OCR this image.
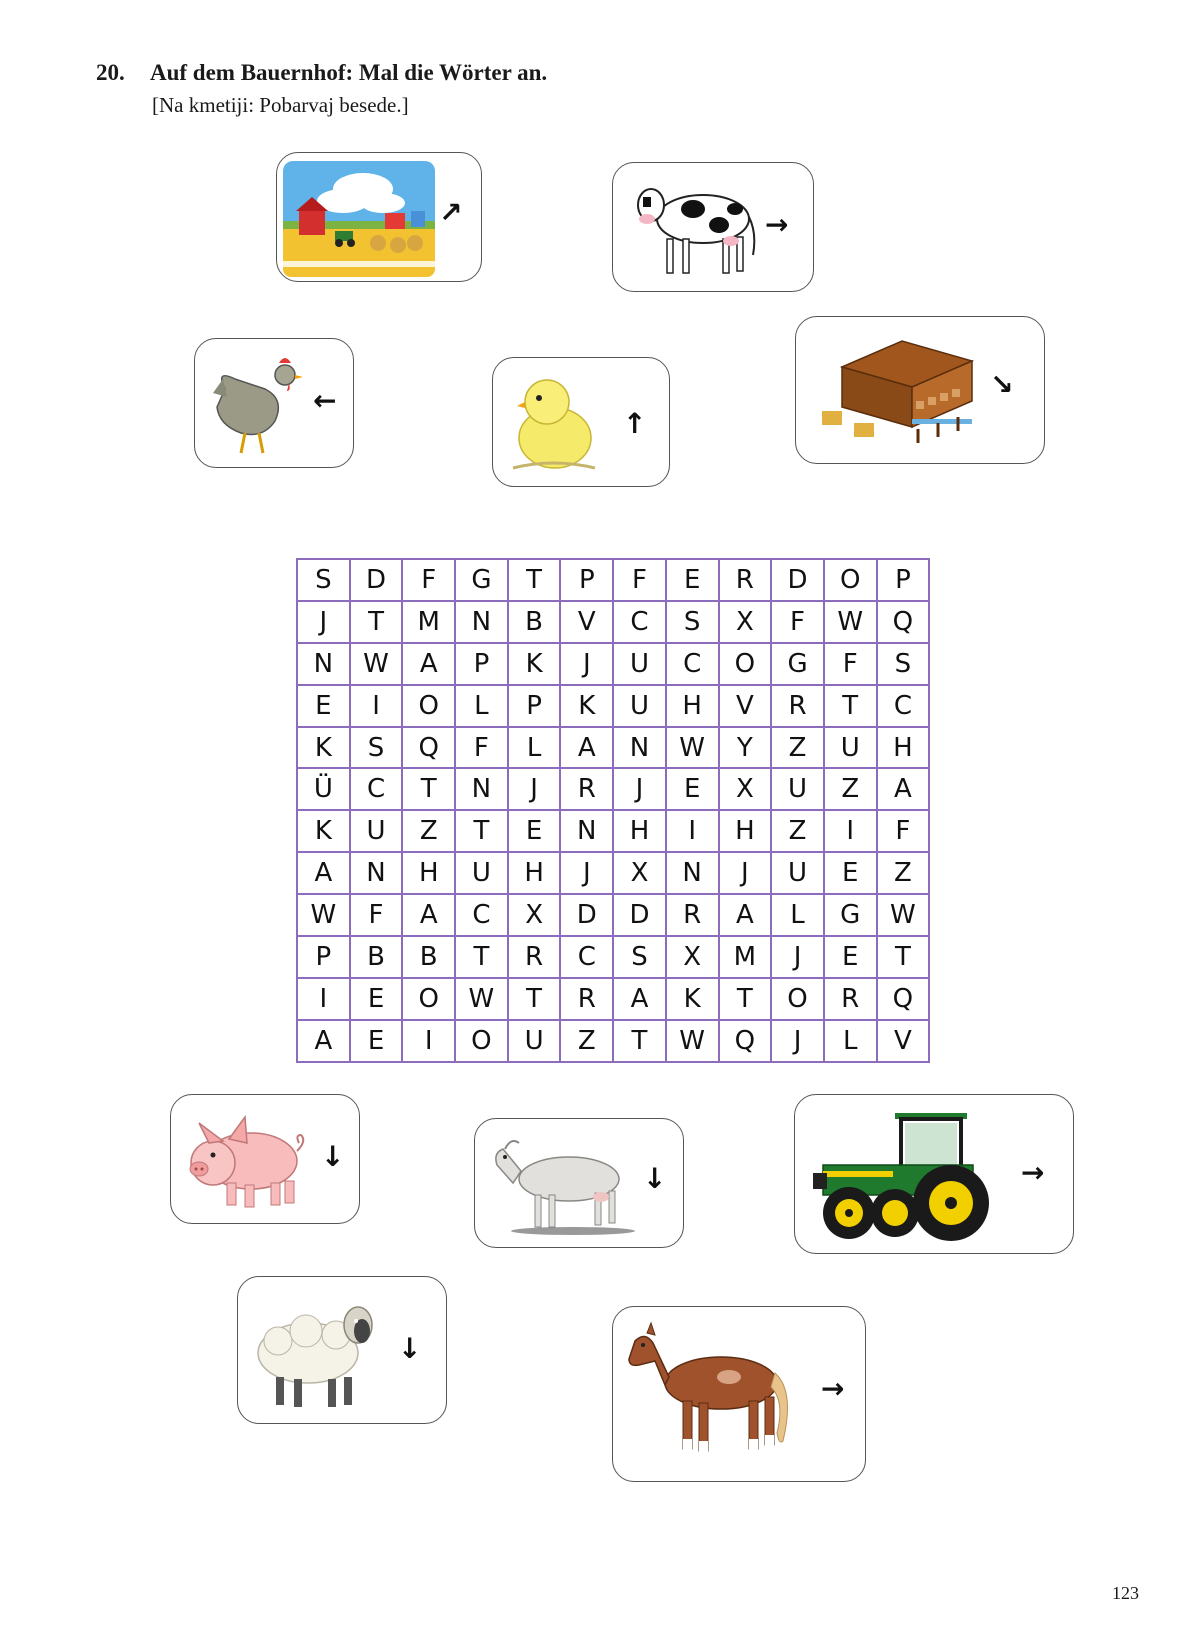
20. Auf dem Bauernhof: Mal die Wörter an.
[Na kmetiji: Pobarvaj besede.]
↗	→
←
↑
↘
↓
↓	→
↓
→
S	D	F	G	T	P	F	E	R	D	O	P
J	T	M	N	B	V	C	S	X	F	W	Q
N	W	A	P	K	J	U	C	O	G	F	S
E	I	O	L	P	K	U	H	V	R	T	C
K	S	Q	F	L	A	N	W	Y	Z	U	H
Ü	C	T	N	J	R	J	E	X	U	Z	A
K	U	Z	T	E	N	H	I	H	Z	I	F
A	N	H	U	H	J	X	N	J	U	E	Z
W	F	A	C	X	D	D	R	A	L	G	W
P	B	B	T	R	C	S	X	M	J	E	T
I	E	O	W	T	R	A	K	T	O	R	Q
A	E	I	O	U	Z	T	W	Q	J	L	V
123
